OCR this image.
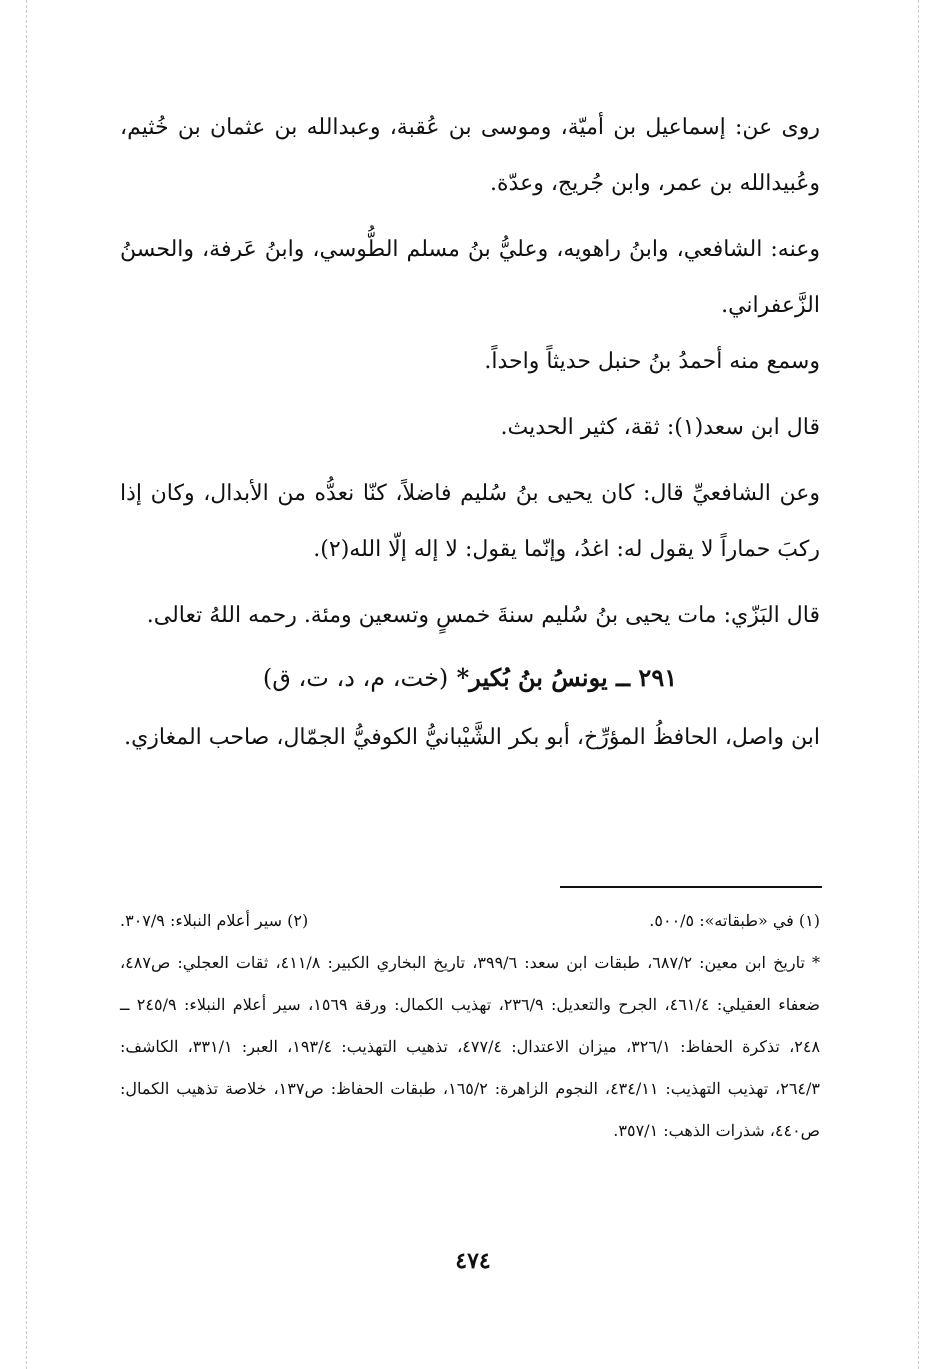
روى عن: إسماعيل بن أميّة، وموسى بن عُقبة، وعبدالله بن عثمان بن خُثيم، وعُبيدالله بن عمر، وابن جُريج، وعدّة.

وعنه: الشافعي، وابنُ راهويه، وعليُّ بنُ مسلم الطُّوسي، وابنُ عَرفة، والحسنُ الزَّعفراني.

وسمع منه أحمدُ بنُ حنبل حديثاً واحداً.

قال ابن سعد(١): ثقة، كثير الحديث.

وعن الشافعيِّ قال: كان يحيى بنُ سُليم فاضلاً، كنّا نعدُّه من الأبدال، وكان إذا ركبَ حماراً لا يقول له: اغدُ، وإنّما يقول: لا إله إلّا الله(٢).

قال البَزّي: مات يحيى بنُ سُليم سنةَ خمسٍ وتسعين ومئة. رحمه اللهُ تعالى.

٢٩١ ــ يونسُ بنُ بُكير* (خت، م، د، ت، ق)

ابن واصل، الحافظُ المؤرِّخ، أبو بكر الشَّيْبانيُّ الكوفيُّ الجمّال، صاحب المغازي.

(١) في «طبقاته»: ٥٠٠/٥.
(٢) سير أعلام النبلاء: ٣٠٧/٩.

* تاريخ ابن معين: ٦٨٧/٢، طبقات ابن سعد: ٣٩٩/٦، تاريخ البخاري الكبير: ٤١١/٨، ثقات العجلي: ص٤٨٧، ضعفاء العقيلي: ٤٦١/٤، الجرح والتعديل: ٢٣٦/٩، تهذيب الكمال: ورقة ١٥٦٩، سير أعلام النبلاء: ٢٤٥/٩ ــ ٢٤٨، تذكرة الحفاظ: ٣٢٦/١، ميزان الاعتدال: ٤٧٧/٤، تذهيب التهذيب: ١٩٣/٤، العبر: ٣٣١/١، الكاشف: ٢٦٤/٣، تهذيب التهذيب: ٤٣٤/١١، النجوم الزاهرة: ١٦٥/٢، طبقات الحفاظ: ص١٣٧، خلاصة تذهيب الكمال: ص٤٤٠، شذرات الذهب: ٣٥٧/١.

٤٧٤
